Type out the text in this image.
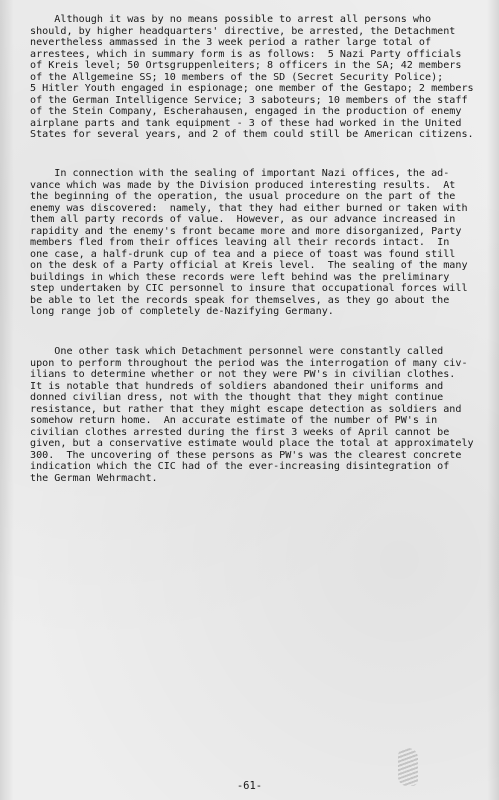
Although it was by no means possible to arrest all persons who
should, by higher headquarters' directive, be arrested, the Detachment
nevertheless ammassed in the 3 week period a rather large total of
arrestees, which in summary form is as follows:  5 Nazi Party officials
of Kreis level; 50 Ortsgruppenleiters; 8 officers in the SA; 42 members
of the Allgemeine SS; 10 members of the SD (Secret Security Police);
5 Hitler Youth engaged in espionage; one member of the Gestapo; 2 members
of the German Intelligence Service; 3 saboteurs; 10 members of the staff
of the Stein Company, Escherahausen, engaged in the production of enemy
airplane parts and tank equipment - 3 of these had worked in the United
States for several years, and 2 of them could still be American citizens.
In connection with the sealing of important Nazi offices, the ad-
vance which was made by the Division produced interesting results.  At
the beginning of the operation, the usual procedure on the part of the
enemy was discovered:  namely, that they had either burned or taken with
them all party records of value.  However, as our advance increased in
rapidity and the enemy's front became more and more disorganized, Party
members fled from their offices leaving all their records intact.  In
one case, a half-drunk cup of tea and a piece of toast was found still
on the desk of a Party official at Kreis level.  The sealing of the many
buildings in which these records were left behind was the preliminary
step undertaken by CIC personnel to insure that occupational forces will
be able to let the records speak for themselves, as they go about the
long range job of completely de-Nazifying Germany.
One other task which Detachment personnel were constantly called
upon to perform throughout the period was the interrogation of many civ-
ilians to determine whether or not they were PW's in civilian clothes.
It is notable that hundreds of soldiers abandoned their uniforms and
donned civilian dress, not with the thought that they might continue
resistance, but rather that they might escape detection as soldiers and
somehow return home.  An accurate estimate of the number of PW's in
civilian clothes arrested during the first 3 weeks of April cannot be
given, but a conservative estimate would place the total at approximately
300.  The uncovering of these persons as PW's was the clearest concrete
indication which the CIC had of the ever-increasing disintegration of
the German Wehrmacht.
-61-
